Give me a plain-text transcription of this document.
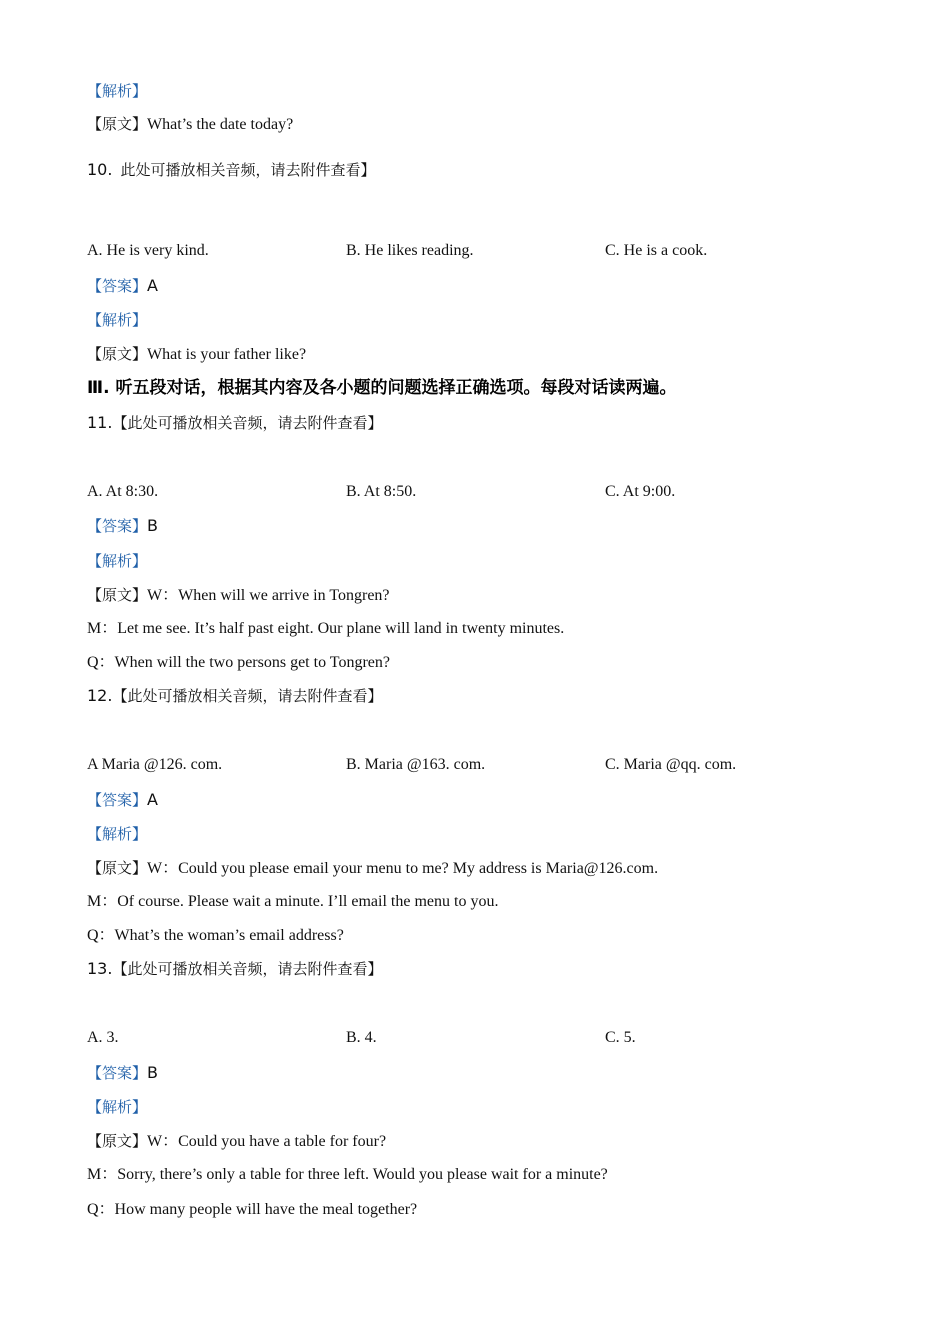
【解析】
【原文】What’s the date today?
10. 此处可播放相关音频，请去附件查看】
A. He is very kind.	B. He likes reading.	C. He is a cook.
【答案】A
【解析】
【原文】What is your father like?
Ⅲ. 听五段对话，根据其内容及各小题的问题选择正确选项。每段对话读两遍。
11.【此处可播放相关音频，请去附件查看】
A. At 8:30.	B. At 8:50.	C. At 9:00.
【答案】B
【解析】
【原文】W：When will we arrive in Tongren?
M：Let me see. It’s half past eight. Our plane will land in twenty minutes.
Q：When will the two persons get to Tongren?
12.【此处可播放相关音频，请去附件查看】
A Maria @126. com.	B. Maria @163. com.	C. Maria @qq. com.
【答案】A
【解析】
【原文】W：Could you please email your menu to me? My address is Maria@126.com.
M：Of course. Please wait a minute. I’ll email the menu to you.
Q：What’s the woman’s email address?
13.【此处可播放相关音频，请去附件查看】
A. 3.	B. 4.	C. 5.
【答案】B
【解析】
【原文】W：Could you have a table for four?
M：Sorry, there’s only a table for three left. Would you please wait for a minute?
Q：How many people will have the meal together?
